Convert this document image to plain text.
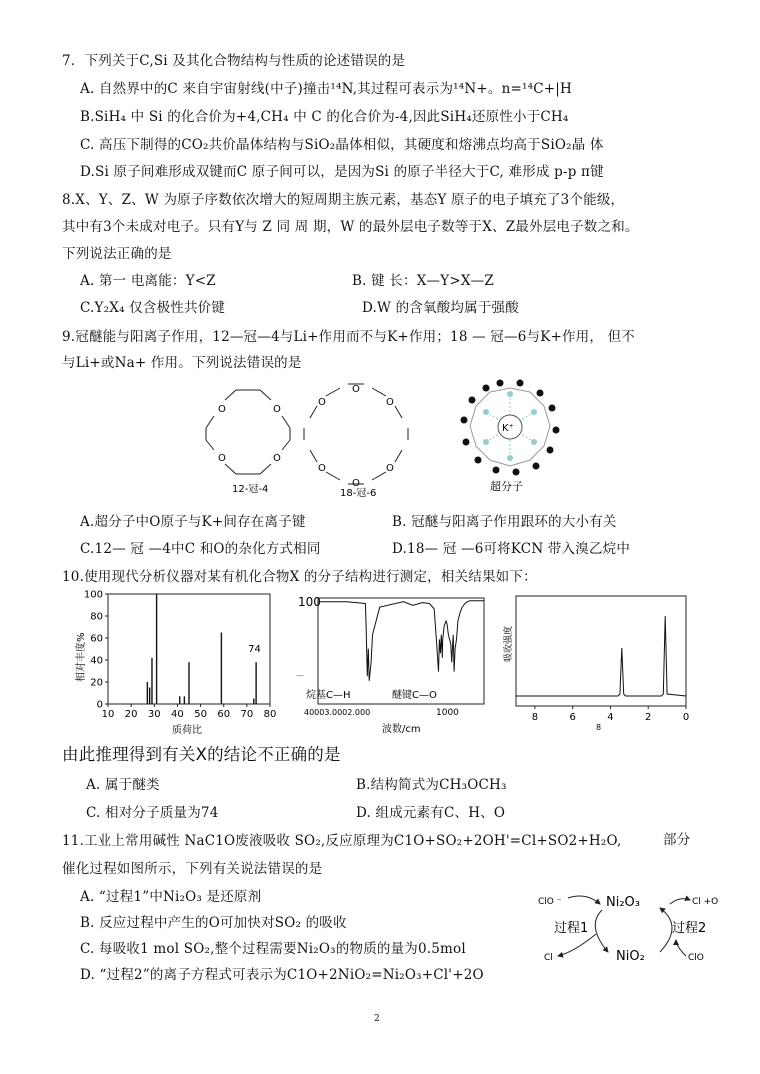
7．下列关于C,Si 及其化合物结构与性质的论述错误的是
A. 自然界中的C 来自宇宙射线(中子)撞击¹⁴N,其过程可表示为¹⁴N+。n=¹⁴C+|H
B.SiH₄ 中 Si 的化合价为+4,CH₄ 中 C 的化合价为-4,因此SiH₄还原性小于CH₄
C. 高压下制得的CO₂共价晶体结构与SiO₂晶体相似，其硬度和熔沸点均高于SiO₂晶 体
D.Si 原子间难形成双键而C 原子间可以，是因为Si 的原子半径大于C, 难形成 p-p π键
8.X、Y、Z、W 为原子序数依次增大的短周期主族元素，基态Y 原子的电子填充了3个能级，
其中有3个未成对电子。只有Y与 Z 同 周 期，W 的最外层电子数等于X、Z最外层电子数之和。
下列说法正确的是
A. 第一 电离能：Y<Z	B. 键 长：X—Y>X—Z
C.Y₂X₄ 仅含极性共价键	D.W 的含氧酸均属于强酸
9.冠醚能与阳离子作用，12—冠—4与Li+作用而不与K+作用；18 — 冠—6与K+作用， 但不
与Li+或Na+ 作用。下列说法错误的是
O	O
O	O
12-冠-4
O
O
O
O
O
O
18-冠-6
K⁺
超分子
A.超分子中O原子与K+间存在离子键	B. 冠醚与阳离子作用跟环的大小有关
C.12— 冠 —4中C 和O的杂化方式相同	D.18— 冠 —6可将KCN 带入溴乙烷中
10.使用现代分析仪器对某有机化合物X 的分子结构进行测定，相关结果如下：
相对丰度%
质荷比
100
80
60
40
20
0
10 20 30 40 50 60 70 80
74
100
—
烷基C—H	醚键C—O
40003.0002.000	1000
波数/cm
吸收强度
8	6	4	2	0
8
由此推理得到有关X的结论不正确的是
A. 属于醚类	B.结构简式为CH₃OCH₃
C. 相对分子质量为74	D. 组成元素有C、H、O
11.工业上常用碱性 NaC1O废液吸收 SO₂,反应原理为C1O+SO₂+2OH'=Cl+SO2+H₂O,	部分
催化过程如图所示，下列有关说法错误的是
A. “过程1”中Ni₂O₃ 是还原剂
B. 反应过程中产生的O可加快对SO₂ 的吸收
C. 每吸收1 mol SO₂,整个过程需要Ni₂O₃的物质的量为0.5mol
D. “过程2”的离子方程式可表示为C1O+2NiO₂=Ni₂O₃+Cl'+2O
Ni₂O₃
NiO₂
过程1	过程2
ClO ⁻
Cl
Cl +O
ClO
2
